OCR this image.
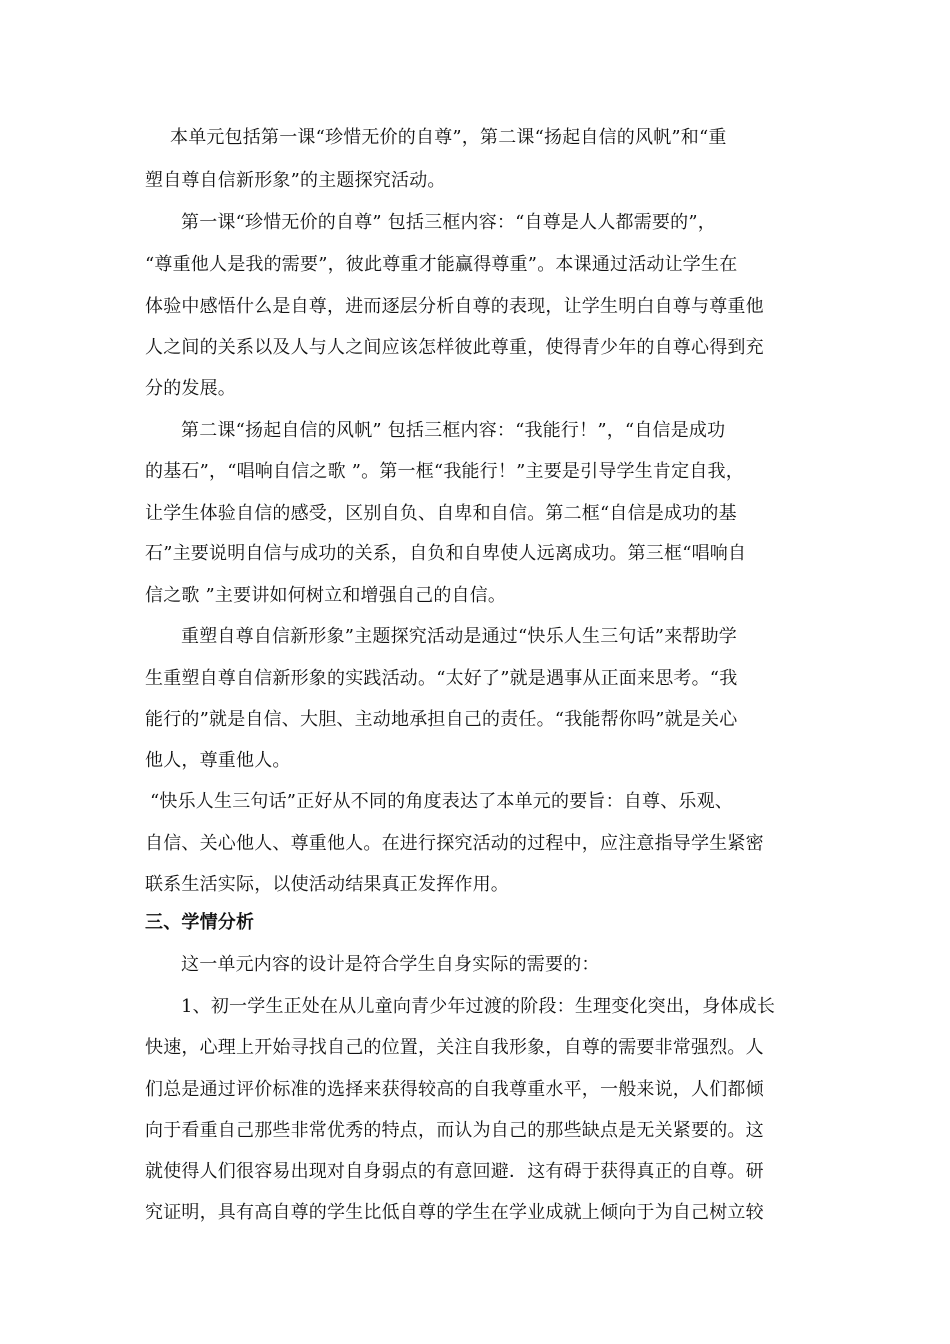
本单元包括第一课“珍惜无价的自尊”，第二课“扬起自信的风帆”和“重
塑自尊自信新形象”的主题探究活动。
第一课“珍惜无价的自尊” 包括三框内容：“自尊是人人都需要的”，
“尊重他人是我的需要”，彼此尊重才能赢得尊重”。本课通过活动让学生在
体验中感悟什么是自尊，进而逐层分析自尊的表现，让学生明白自尊与尊重他
人之间的关系以及人与人之间应该怎样彼此尊重，使得青少年的自尊心得到充
分的发展。
第二课“扬起自信的风帆” 包括三框内容：“我能行！”，“自信是成功
的基石”，“唱响自信之歌 ”。第一框“我能行！”主要是引导学生肯定自我，
让学生体验自信的感受，区别自负、自卑和自信。第二框“自信是成功的基
石”主要说明自信与成功的关系，自负和自卑使人远离成功。第三框“唱响自
信之歌 ”主要讲如何树立和增强自己的自信。
重塑自尊自信新形象”主题探究活动是通过“快乐人生三句话”来帮助学
生重塑自尊自信新形象的实践活动。“太好了”就是遇事从正面来思考。“我
能行的”就是自信、大胆、主动地承担自己的责任。“我能帮你吗”就是关心
他人，尊重他人。
“快乐人生三句话”正好从不同的角度表达了本单元的要旨：自尊、乐观、
自信、关心他人、尊重他人。在进行探究活动的过程中，应注意指导学生紧密
联系生活实际，以使活动结果真正发挥作用。
三、学情分析
这一单元内容的设计是符合学生自身实际的需要的：
1、初一学生正处在从儿童向青少年过渡的阶段：生理变化突出，身体成长
快速，心理上开始寻找自己的位置，关注自我形象，自尊的需要非常强烈。人
们总是通过评价标准的选择来获得较高的自我尊重水平，一般来说，人们都倾
向于看重自己那些非常优秀的特点，而认为自己的那些缺点是无关紧要的。这
就使得人们很容易出现对自身弱点的有意回避．这有碍于获得真正的自尊。研
究证明，具有高自尊的学生比低自尊的学生在学业成就上倾向于为自己树立较
